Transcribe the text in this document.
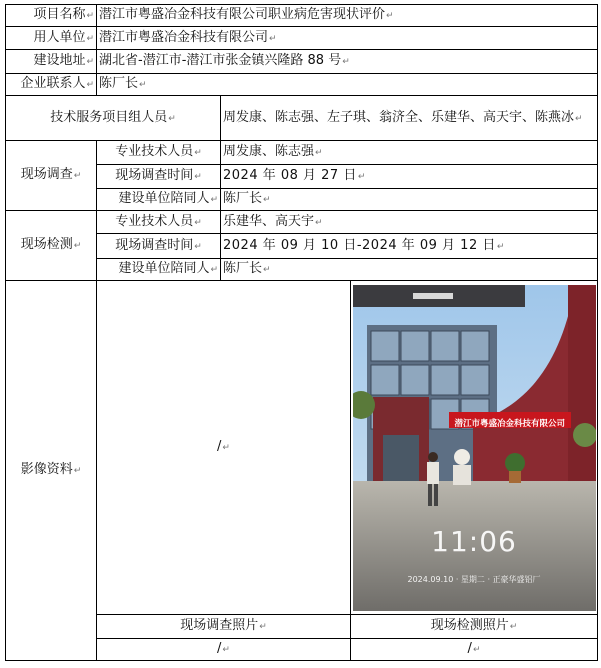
项目名称↵	潜江市粤盛冶金科技有限公司职业病危害现状评价↵		
用人单位↵	潜江市粤盛冶金科技有限公司↵		
建设地址↵	湖北省-潜江市-潜江市张金镇兴隆路 88 号↵		
企业联系人↵	陈厂长↵		
技术服务项目组人员↵		周发康、陈志强、左子琪、翁济全、乐建华、高天宇、陈燕冰↵	
现场调查↵	专业技术人员↵	周发康、陈志强↵	
	现场调查时间↵	2024 年 08 月 27 日↵	
	建设单位陪同人↵	陈厂长↵	
现场检测↵	专业技术人员↵	乐建华、高天宇↵	
	现场调查时间↵	2024 年 09 月 10 日-2024 年 09 月 12 日↵	
	建设单位陪同人↵	陈厂长↵	
影像资料↵	/↵		潜江市粤盛冶金科技有限公司
11:06
2024.09.10 · 星期二 · 正豪华盛铝厂

	现场调查照片↵		现场检测照片↵
	/↵		/↵
